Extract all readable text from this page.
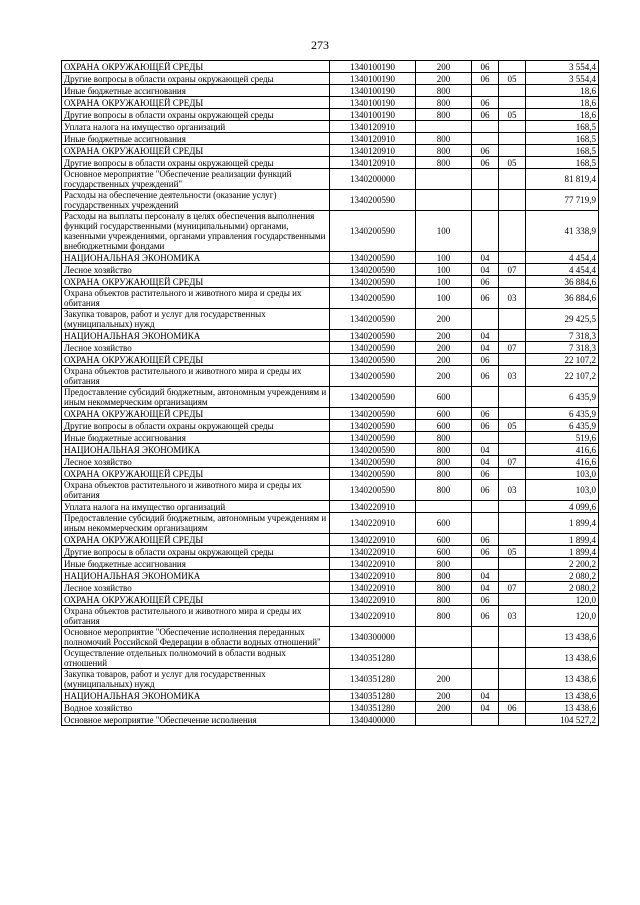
273
ОХРАНА ОКРУЖАЮЩЕЙ СРЕДЫ	1340100190	200	06		3 554,4
Другие вопросы в области охраны окружающей среды	1340100190	200	06	05	3 554,4
Иные бюджетные ассигнования	1340100190	800			18,6
ОХРАНА ОКРУЖАЮЩЕЙ СРЕДЫ	1340100190	800	06		18,6
Другие вопросы в области охраны окружающей среды	1340100190	800	06	05	18,6
Уплата налога на имущество организаций	1340120910				168,5
Иные бюджетные ассигнования	1340120910	800			168,5
ОХРАНА ОКРУЖАЮЩЕЙ СРЕДЫ	1340120910	800	06		168,5
Другие вопросы в области охраны окружающей среды	1340120910	800	06	05	168,5
Основное мероприятие "Обеспечение реализации функций государственных учреждений"	1340200000				81 819,4
Расходы на обеспечение деятельности (оказание услуг) государственных учреждений	1340200590				77 719,9
Расходы на выплаты персоналу в целях обеспечения выполнения функций государственными (муниципальными) органами, казенными учреждениями, органами управления государственными внебюджетными фондами	1340200590	100			41 338,9
НАЦИОНАЛЬНАЯ ЭКОНОМИКА	1340200590	100	04		4 454,4
Лесное хозяйство	1340200590	100	04	07	4 454,4
ОХРАНА ОКРУЖАЮЩЕЙ СРЕДЫ	1340200590	100	06		36 884,6
Охрана объектов растительного и животного мира и среды их обитания	1340200590	100	06	03	36 884,6
Закупка товаров, работ и услуг для государственных (муниципальных) нужд	1340200590	200			29 425,5
НАЦИОНАЛЬНАЯ ЭКОНОМИКА	1340200590	200	04		7 318,3
Лесное хозяйство	1340200590	200	04	07	7 318,3
ОХРАНА ОКРУЖАЮЩЕЙ СРЕДЫ	1340200590	200	06		22 107,2
Охрана объектов растительного и животного мира и среды их обитания	1340200590	200	06	03	22 107,2
Предоставление субсидий бюджетным, автономным учреждениям и иным некоммерческим организациям	1340200590	600			6 435,9
ОХРАНА ОКРУЖАЮЩЕЙ СРЕДЫ	1340200590	600	06		6 435,9
Другие вопросы в области охраны окружающей среды	1340200590	600	06	05	6 435,9
Иные бюджетные ассигнования	1340200590	800			519,6
НАЦИОНАЛЬНАЯ ЭКОНОМИКА	1340200590	800	04		416,6
Лесное хозяйство	1340200590	800	04	07	416,6
ОХРАНА ОКРУЖАЮЩЕЙ СРЕДЫ	1340200590	800	06		103,0
Охрана объектов растительного и животного мира и среды их обитания	1340200590	800	06	03	103,0
Уплата налога на имущество организаций	1340220910				4 099,6
Предоставление субсидий бюджетным, автономным учреждениям и иным некоммерческим организациям	1340220910	600			1 899,4
ОХРАНА ОКРУЖАЮЩЕЙ СРЕДЫ	1340220910	600	06		1 899,4
Другие вопросы в области охраны окружающей среды	1340220910	600	06	05	1 899,4
Иные бюджетные ассигнования	1340220910	800			2 200,2
НАЦИОНАЛЬНАЯ ЭКОНОМИКА	1340220910	800	04		2 080,2
Лесное хозяйство	1340220910	800	04	07	2 080,2
ОХРАНА ОКРУЖАЮЩЕЙ СРЕДЫ	1340220910	800	06		120,0
Охрана объектов растительного и животного мира и среды их обитания	1340220910	800	06	03	120,0
Основное мероприятие "Обеспечение исполнения переданных полномочий Российской Федерации в области водных отношений"	1340300000				13 438,6
Осуществление отдельных полномочий в области водных отношений	1340351280				13 438,6
Закупка товаров, работ и услуг для государственных (муниципальных) нужд	1340351280	200			13 438,6
НАЦИОНАЛЬНАЯ ЭКОНОМИКА	1340351280	200	04		13 438,6
Водное хозяйство	1340351280	200	04	06	13 438,6
Основное мероприятие "Обеспечение исполнения	1340400000				104 527,2
